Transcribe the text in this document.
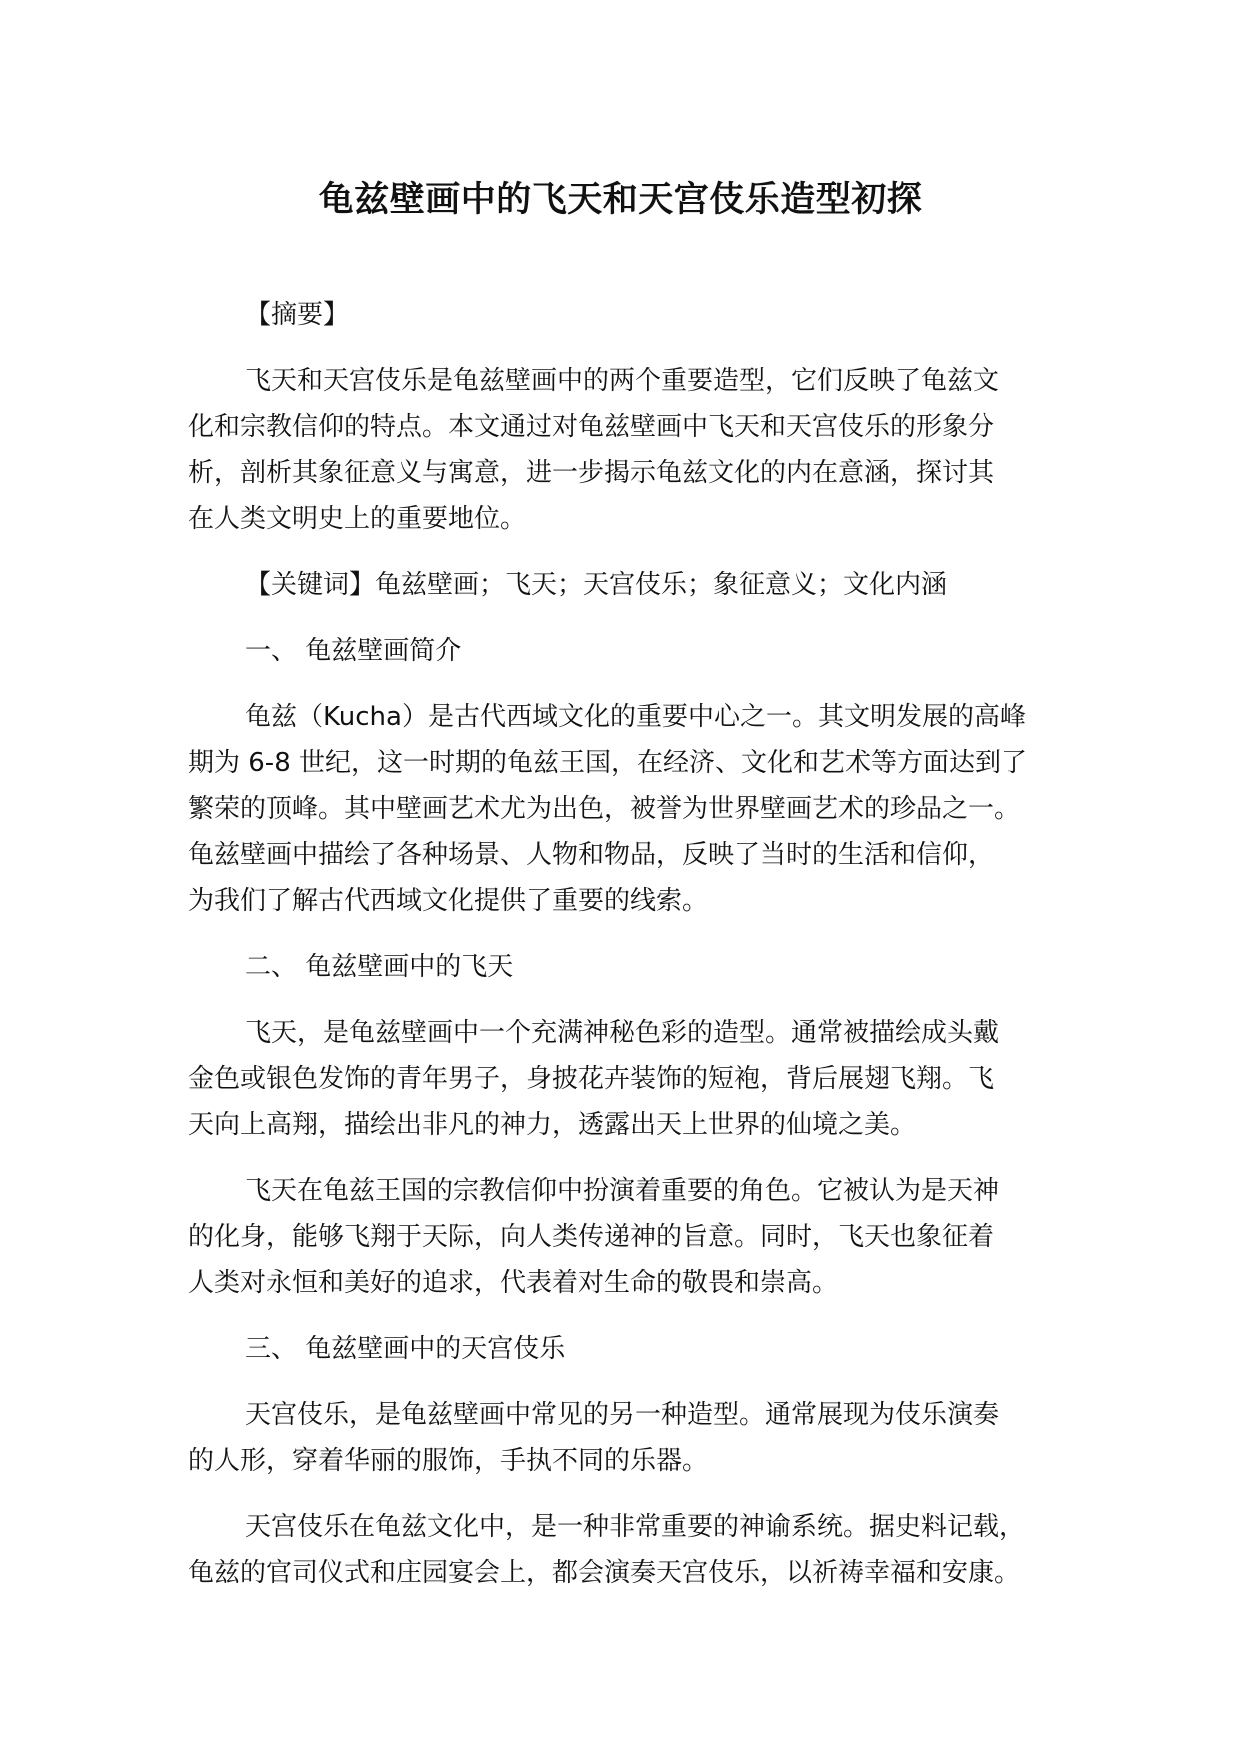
龟兹壁画中的飞天和天宫伎乐造型初探
【摘要】
飞天和天宫伎乐是龟兹壁画中的两个重要造型，它们反映了龟兹文
化和宗教信仰的特点。本文通过对龟兹壁画中飞天和天宫伎乐的形象分
析，剖析其象征意义与寓意，进一步揭示龟兹文化的内在意涵，探讨其
在人类文明史上的重要地位。
【关键词】龟兹壁画；飞天；天宫伎乐；象征意义；文化内涵
一、 龟兹壁画简介
龟兹（Kucha）是古代西域文化的重要中心之一。其文明发展的高峰
期为 6-8 世纪，这一时期的龟兹王国，在经济、文化和艺术等方面达到了
繁荣的顶峰。其中壁画艺术尤为出色，被誉为世界壁画艺术的珍品之一。
龟兹壁画中描绘了各种场景、人物和物品，反映了当时的生活和信仰，
为我们了解古代西域文化提供了重要的线索。
二、 龟兹壁画中的飞天
飞天，是龟兹壁画中一个充满神秘色彩的造型。通常被描绘成头戴
金色或银色发饰的青年男子，身披花卉装饰的短袍，背后展翅飞翔。飞
天向上高翔，描绘出非凡的神力，透露出天上世界的仙境之美。
飞天在龟兹王国的宗教信仰中扮演着重要的角色。它被认为是天神
的化身，能够飞翔于天际，向人类传递神的旨意。同时，飞天也象征着
人类对永恒和美好的追求，代表着对生命的敬畏和崇高。
三、 龟兹壁画中的天宫伎乐
天宫伎乐，是龟兹壁画中常见的另一种造型。通常展现为伎乐演奏
的人形，穿着华丽的服饰，手执不同的乐器。
天宫伎乐在龟兹文化中，是一种非常重要的神谕系统。据史料记载，
龟兹的官司仪式和庄园宴会上，都会演奏天宫伎乐，以祈祷幸福和安康。
